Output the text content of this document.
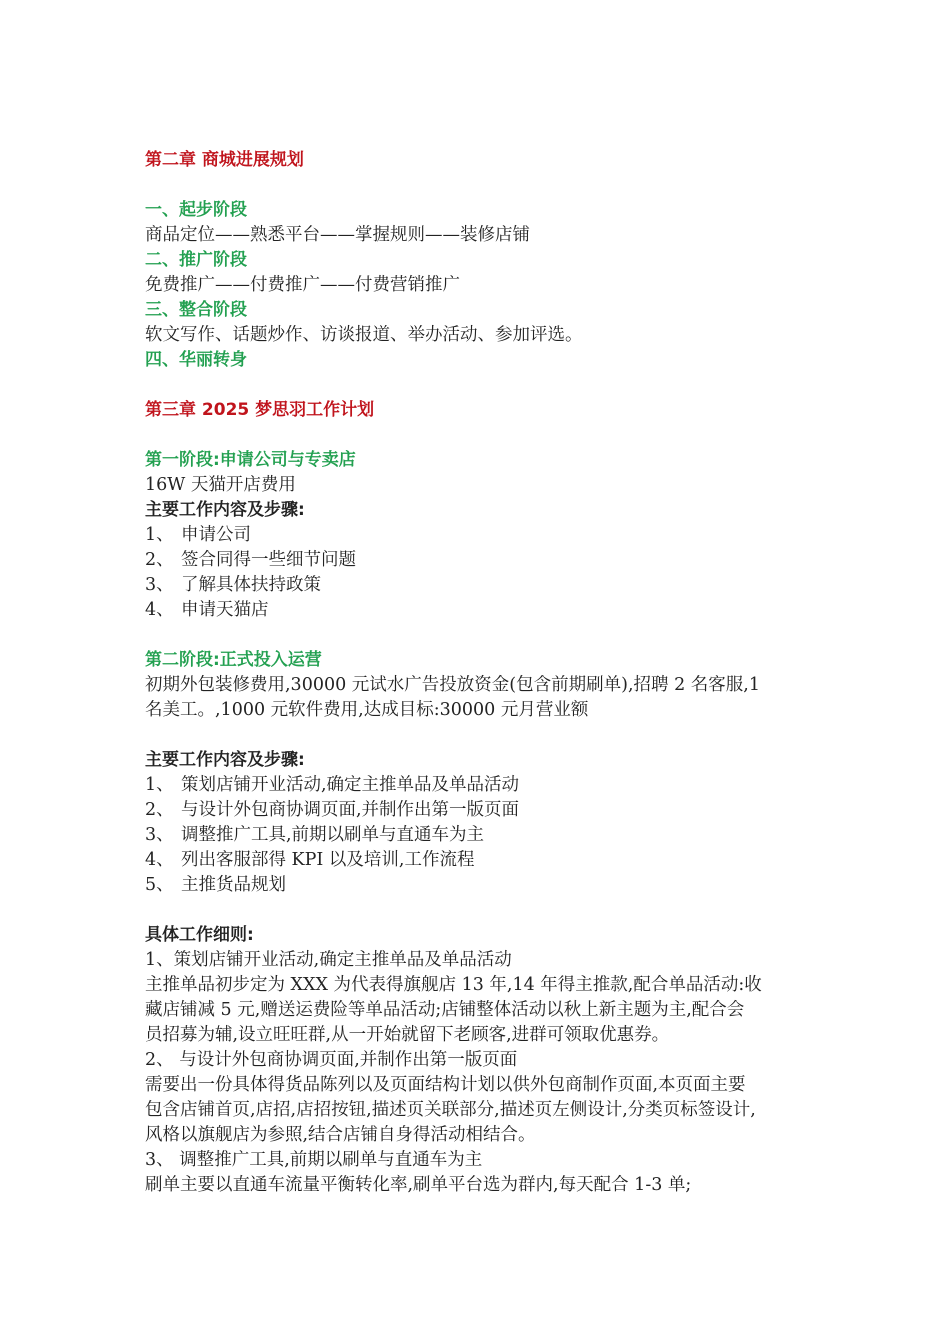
第二章 商城进展规划
一、起步阶段
商品定位——熟悉平台——掌握规则——装修店铺
二、推广阶段
免费推广——付费推广——付费营销推广
三、整合阶段
软文写作、话题炒作、访谈报道、举办活动、参加评选。
四、华丽转身
第三章 2025 梦思羽工作计划
第一阶段:申请公司与专卖店
16W 天猫开店费用
主要工作内容及步骤:
1、 申请公司
2、 签合同得一些细节问题
3、 了解具体扶持政策
4、 申请天猫店
第二阶段:正式投入运营
初期外包装修费用,30000 元试水广告投放资金(包含前期刷单),招聘 2 名客服,1
名美工。,1000 元软件费用,达成目标:30000 元月营业额
主要工作内容及步骤:
1、 策划店铺开业活动,确定主推单品及单品活动
2、 与设计外包商协调页面,并制作出第一版页面
3、 调整推广工具,前期以刷单与直通车为主
4、 列出客服部得 KPI 以及培训,工作流程
5、 主推货品规划
具体工作细则:
1、策划店铺开业活动,确定主推单品及单品活动
主推单品初步定为 XXX 为代表得旗舰店 13 年,14 年得主推款,配合单品活动:收
藏店铺减 5 元,赠送运费险等单品活动;店铺整体活动以秋上新主题为主,配合会
员招募为辅,设立旺旺群,从一开始就留下老顾客,进群可领取优惠券。
2、 与设计外包商协调页面,并制作出第一版页面
需要出一份具体得货品陈列以及页面结构计划以供外包商制作页面,本页面主要
包含店铺首页,店招,店招按钮,描述页关联部分,描述页左侧设计,分类页标签设计,
风格以旗舰店为参照,结合店铺自身得活动相结合。
3、 调整推广工具,前期以刷单与直通车为主
刷单主要以直通车流量平衡转化率,刷单平台选为群内,每天配合 1-3 单;
